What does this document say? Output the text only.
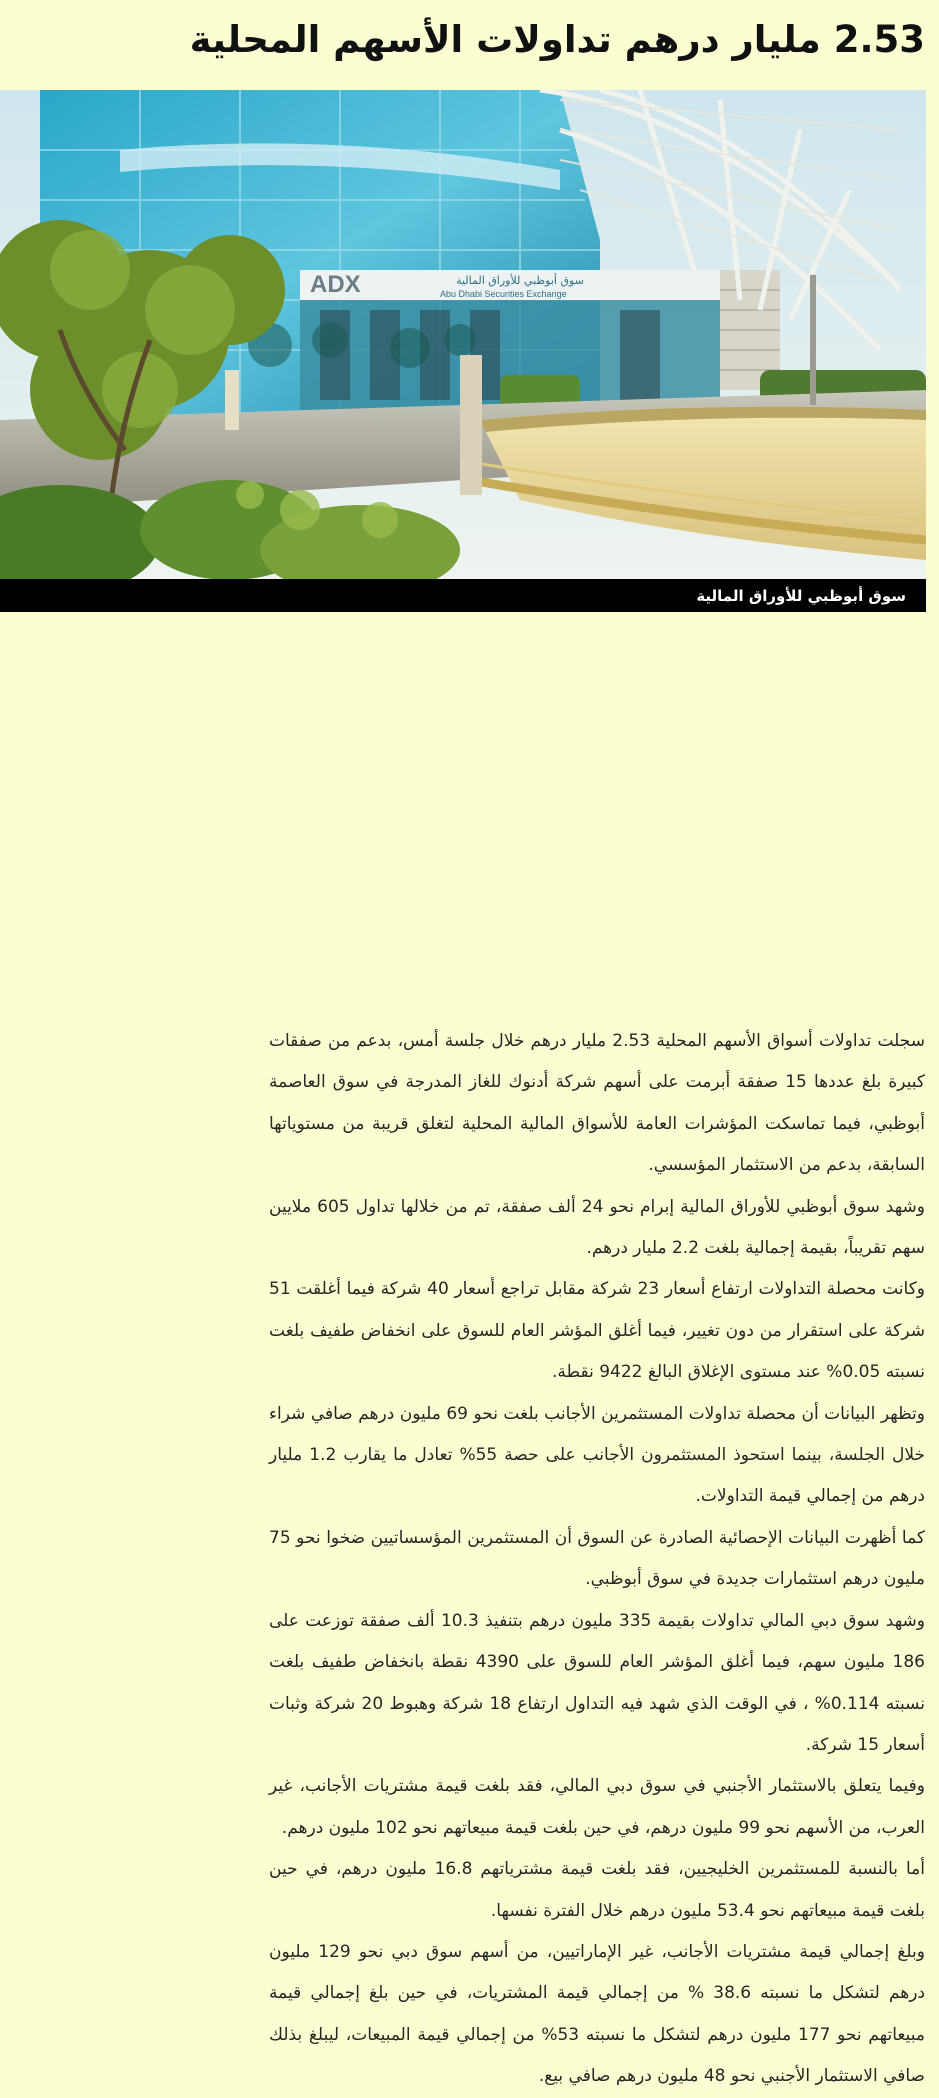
2.53 مليار درهم تداولات الأسهم المحلية
ADX	سوق أبوظبي للأوراق المالية
Abu Dhabi Securities Exchange
سوق أبوظبي للأوراق المالية

سجلت تداولات أسواق الأسهم المحلية 2.53 مليار درهم خلال جلسة أمس، بدعم من صفقات كبيرة بلغ عددها 15 صفقة أبرمت على أسهم شركة أدنوك للغاز المدرجة في سوق العاصمة أبوظبي، فيما تماسكت المؤشرات العامة للأسواق المالية المحلية لتغلق قريبة من مستوياتها السابقة، بدعم من الاستثمار المؤسسي.

وشهد سوق أبوظبي للأوراق المالية إبرام نحو 24 ألف صفقة، تم من خلالها تداول 605 ملايين سهم تقريباً، بقيمة إجمالية بلغت 2.2 مليار درهم.

وكانت محصلة التداولات ارتفاع أسعار 23 شركة مقابل تراجع أسعار 40 شركة فيما أغلقت 51 شركة على استقرار من دون تغيير، فيما أغلق المؤشر العام للسوق على انخفاض طفيف بلغت نسبته 0.05% عند مستوى الإغلاق البالغ 9422 نقطة.

وتظهر البيانات أن محصلة تداولات المستثمرين الأجانب بلغت نحو 69 مليون درهم صافي شراء خلال الجلسة، بينما استحوذ المستثمرون الأجانب على حصة 55% تعادل ما يقارب 1.2 مليار درهم من إجمالي قيمة التداولات.

كما أظهرت البيانات الإحصائية الصادرة عن السوق أن المستثمرين المؤسساتيين ضخوا نحو 75 مليون درهم استثمارات جديدة في سوق أبوظبي.

وشهد سوق دبي المالي تداولات بقيمة 335 مليون درهم بتنفيذ 10.3 ألف صفقة توزعت على 186 مليون سهم، فيما أغلق المؤشر العام للسوق على 4390 نقطة بانخفاض طفيف بلغت نسبته 0.114% ، في الوقت الذي شهد فيه التداول ارتفاع 18 شركة وهبوط 20 شركة وثبات أسعار 15 شركة.

وفيما يتعلق بالاستثمار الأجنبي في سوق دبي المالي، فقد بلغت قيمة مشتريات الأجانب، غير العرب، من الأسهم نحو 99 مليون درهم، في حين بلغت قيمة مبيعاتهم نحو 102 مليون درهم.

أما بالنسبة للمستثمرين الخليجيين، فقد بلغت قيمة مشترياتهم 16.8 مليون درهم، في حين بلغت قيمة مبيعاتهم نحو 53.4 مليون درهم خلال الفترة نفسها.

وبلغ إجمالي قيمة مشتريات الأجانب، غير الإماراتيين، من أسهم سوق دبي نحو 129 مليون درهم لتشكل ما نسبته 38.6 % من إجمالي قيمة المشتريات، في حين بلغ إجمالي قيمة مبيعاتهم نحو 177 مليون درهم لتشكل ما نسبته 53% من إجمالي قيمة المبيعات، ليبلغ بذلك صافي الاستثمار الأجنبي نحو 48 مليون درهم صافي بيع.
